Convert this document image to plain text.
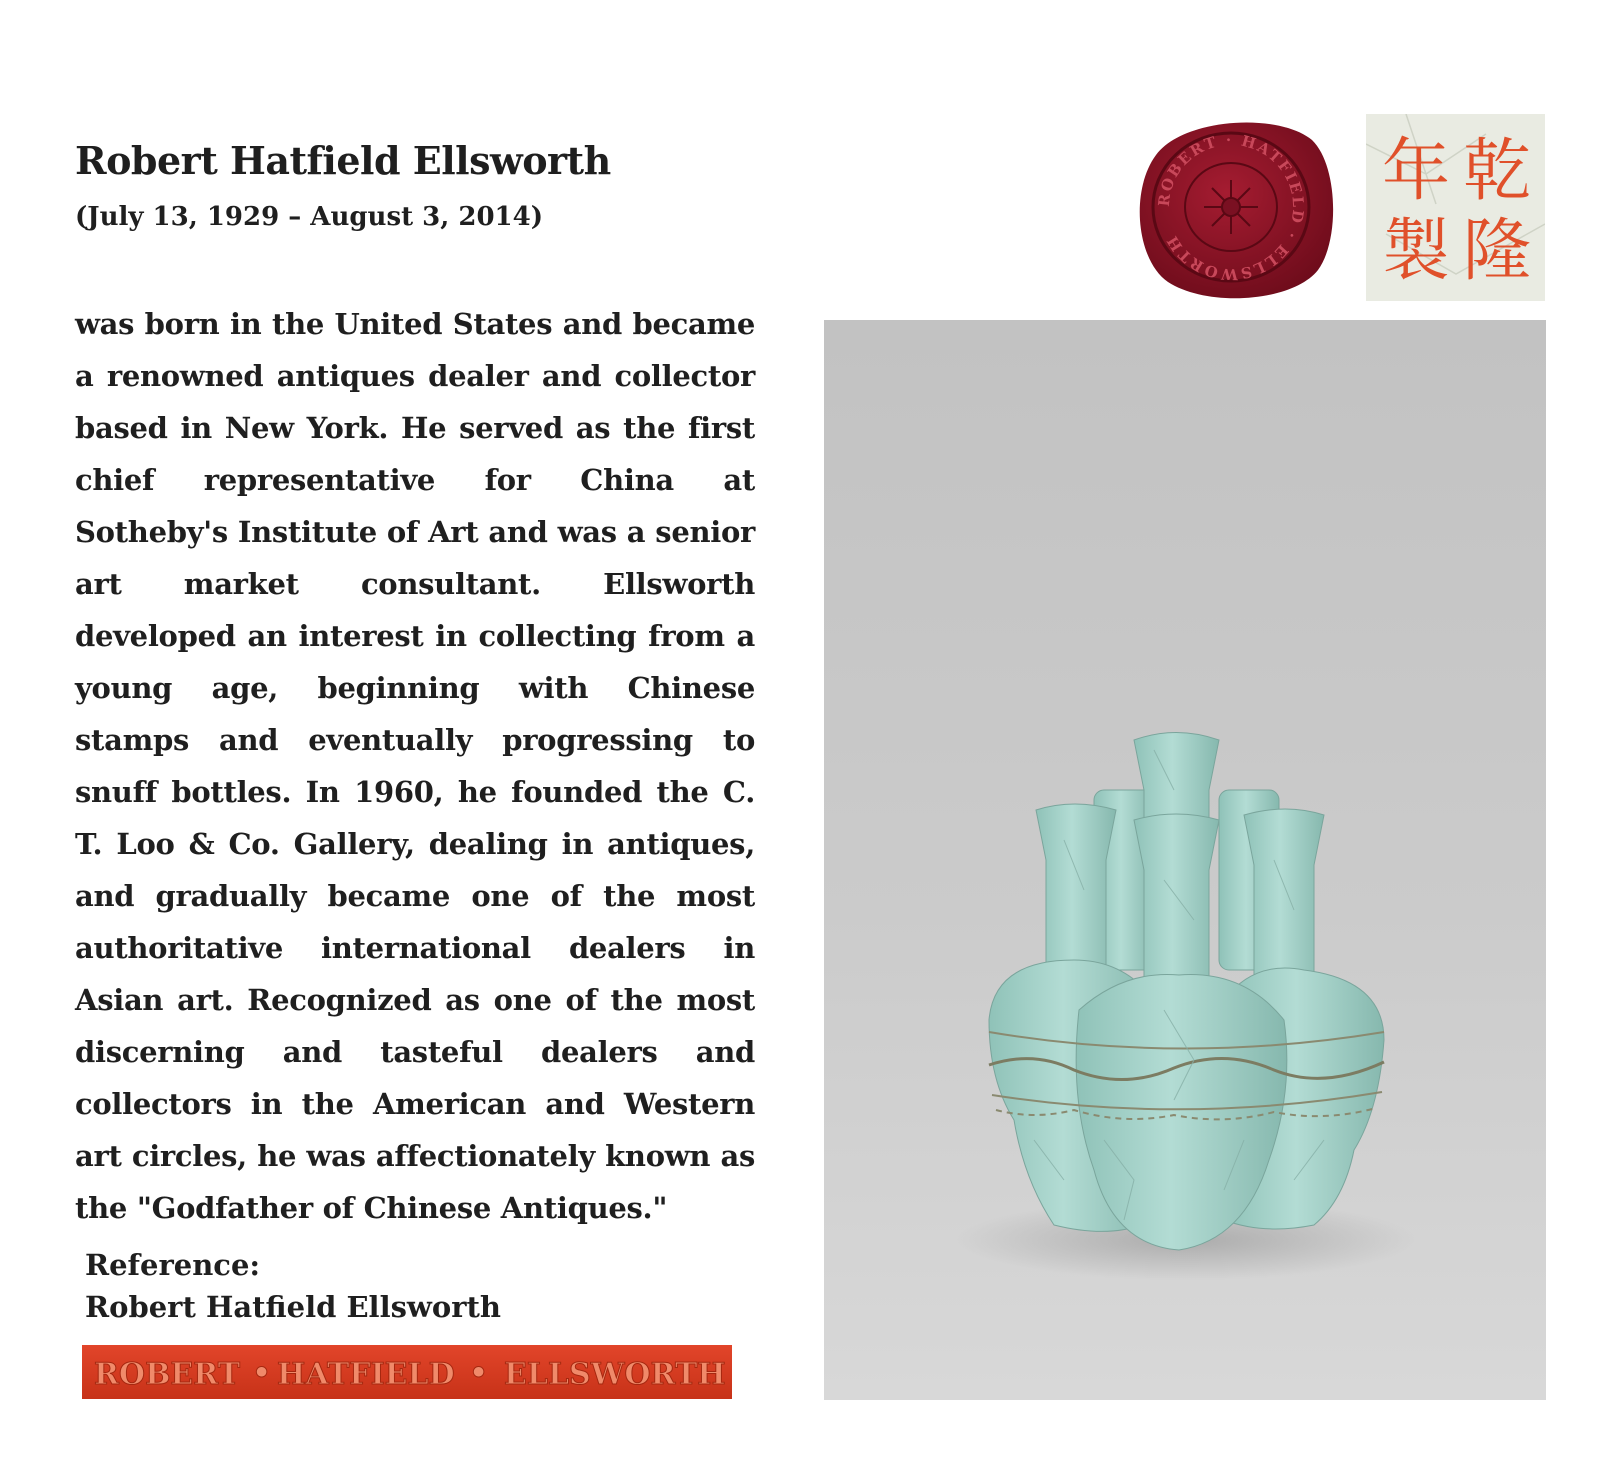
Robert Hatfield Ellsworth
(July 13, 1929 – August 3, 2014)
was born in the United States and became a renowned antiques dealer and collector based in New York. He served as the first chief representative for China at Sotheby's Institute of Art and was a senior art market consultant. Ellsworth developed an interest in collecting from a young age, beginning with Chinese stamps and eventually progressing to snuff bottles. In 1960, he founded the C. T. Loo & Co. Gallery, dealing in antiques, and gradually became one of the most authoritative international dealers in Asian art. Recognized as one of the most discerning and tasteful dealers and collectors in the American and Western art circles, he was affectionately known as the "Godfather of Chinese Antiques."
Reference:
Robert Hatfield Ellsworth
ROBERT • HATFIELD • ELLSWORTH
ROBERT · HATFIELD · ELLSWORTH
乾
隆
年
製
